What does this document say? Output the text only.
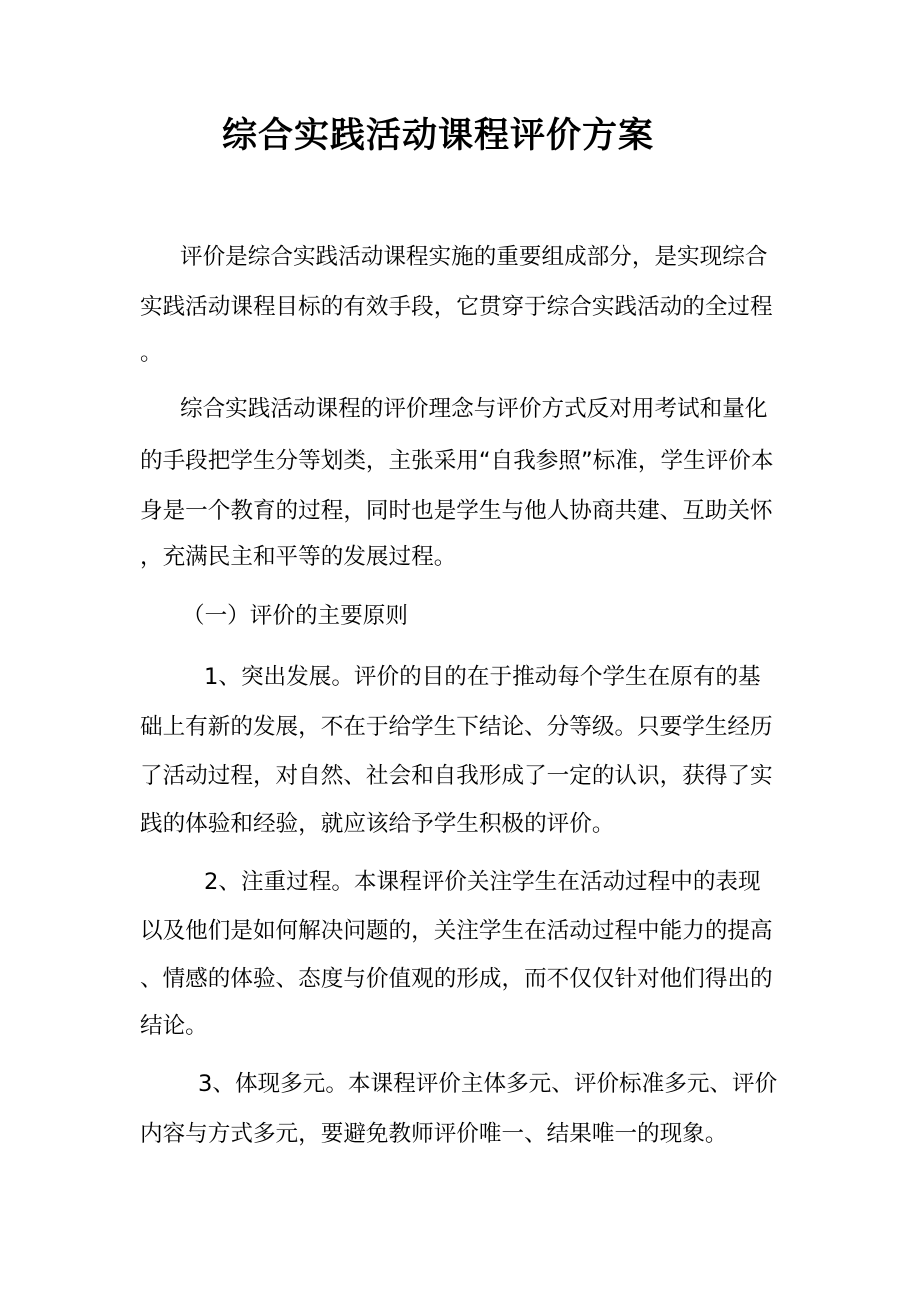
综合实践活动课程评价方案
评价是综合实践活动课程实施的重要组成部分，是实现综合
实践活动课程目标的有效手段，它贯穿于综合实践活动的全过程
。
综合实践活动课程的评价理念与评价方式反对用考试和量化
的手段把学生分等划类，主张采用“自我参照”标准，学生评价本
身是一个教育的过程，同时也是学生与他人协商共建、互助关怀
，充满民主和平等的发展过程。
（一）评价的主要原则
1、突出发展。评价的目的在于推动每个学生在原有的基
础上有新的发展，不在于给学生下结论、分等级。只要学生经历
了活动过程，对自然、社会和自我形成了一定的认识，获得了实
践的体验和经验，就应该给予学生积极的评价。
2、注重过程。本课程评价关注学生在活动过程中的表现
以及他们是如何解决问题的，关注学生在活动过程中能力的提高
、情感的体验、态度与价值观的形成，而不仅仅针对他们得出的
结论。
3、体现多元。本课程评价主体多元、评价标准多元、评价
内容与方式多元，要避免教师评价唯一、结果唯一的现象。
